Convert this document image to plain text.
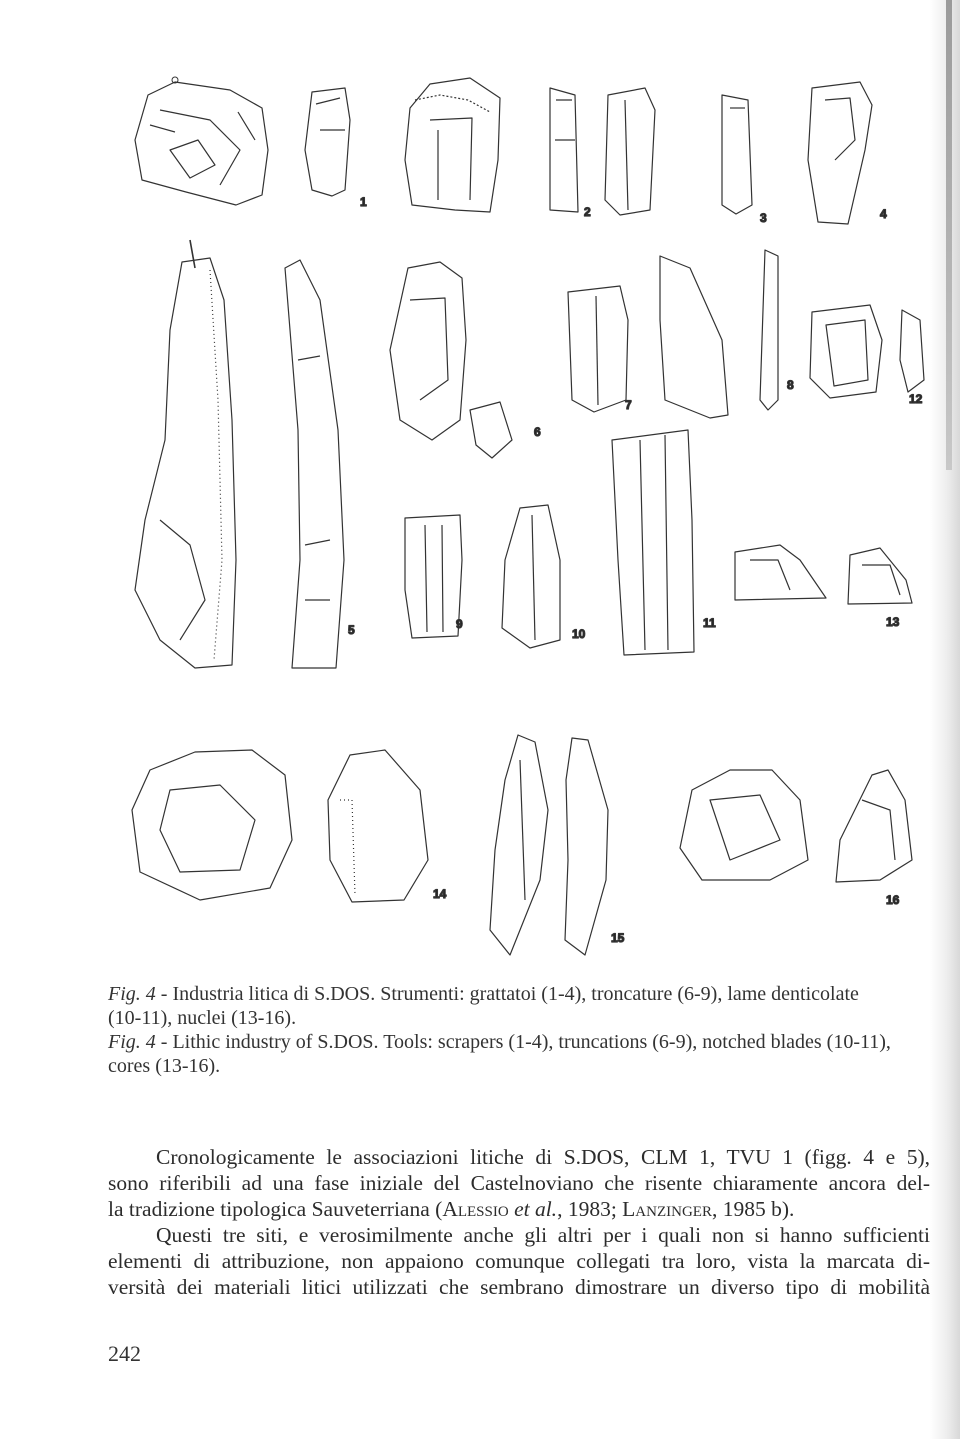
1
2	3	4
5
6
7
8
9
10
11
12
13
14
15
16
Fig. 4 - Industria litica di S.DOS. Strumenti: grattatoi (1-4), troncature (6-9), lame denticolate
(10-11), nuclei (13-16).
Fig. 4 - Lithic industry of S.DOS. Tools: scrapers (1-4), truncations (6-9), notched blades (10-11),
cores (13-16).
Cronologicamente le associazioni litiche di S.DOS, CLM 1, TVU 1 (figg. 4 e 5),
sono riferibili ad una fase iniziale del Castelnoviano che risente chiaramente ancora del-
la tradizione tipologica Sauveterriana (Alessio et al., 1983; Lanzinger, 1985 b).
Questi tre siti, e verosimilmente anche gli altri per i quali non si hanno sufficienti
elementi di attribuzione, non appaiono comunque collegati tra loro, vista la marcata di-
versità dei materiali litici utilizzati che sembrano dimostrare un diverso tipo di mobilità
242
